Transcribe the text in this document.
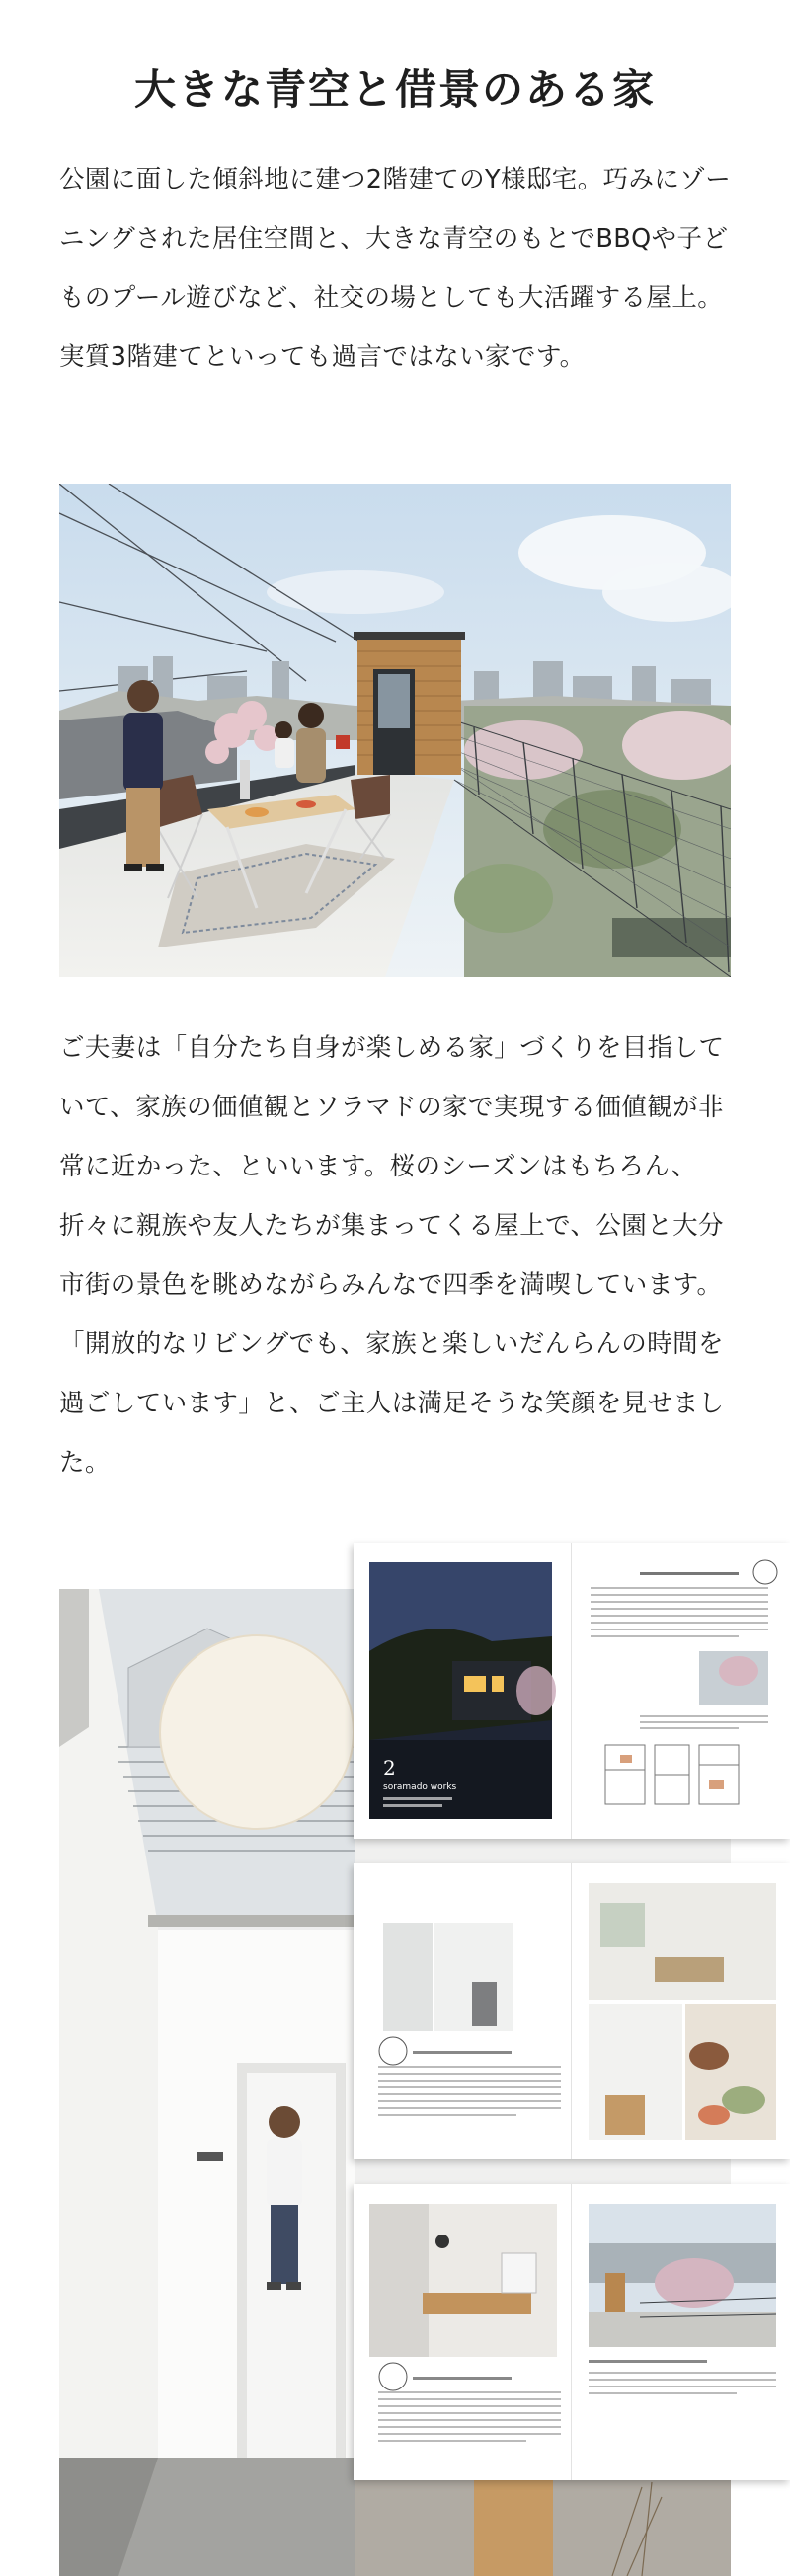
大きな青空と借景のある家

公園に面した傾斜地に建つ2階建てのY様邸宅。巧みにゾーニングされた居住空間と、大きな青空のもとでBBQや子どものプール遊びなど、社交の場としても大活躍する屋上。実質3階建てといっても過言ではない家です。

ご夫妻は「自分たち自身が楽しめる家」づくりを目指していて、家族の価値観とソラマドの家で実現する価値観が非常に近かった、といいます。桜のシーズンはもちろん、折々に親族や友人たちが集まってくる屋上で、公園と大分市街の景色を眺めながらみんなで四季を満喫しています。「開放的なリビングでも、家族と楽しいだんらんの時間を過ごしています」と、ご主人は満足そうな笑顔を見せました。

2
soramado works
